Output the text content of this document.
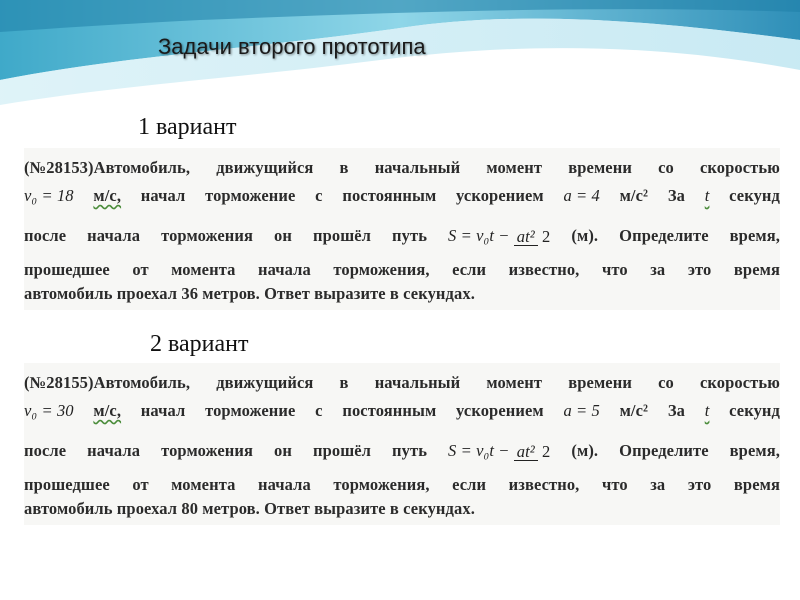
Задачи второго прототипа
1 вариант
(№28153)Автомобиль, движущийся в начальный момент времени со скоростью
v₀ = 18 м/с, начал торможение с постоянным ускорением a = 4 м/с² За t секунд
после начала торможения он прошёл путь S = v₀t − at² 2 (м). Определите время,
прошедшее от момента начала торможения, если известно, что за это время
автомобиль проехал 36 метров. Ответ выразите в секундах.
2 вариант
(№28155)Автомобиль, движущийся в начальный момент времени со скоростью
v₀ = 30 м/с, начал торможение с постоянным ускорением a = 5 м/с² За t секунд
после начала торможения он прошёл путь S = v₀t − at² 2 (м). Определите время,
прошедшее от момента начала торможения, если известно, что за это время
автомобиль проехал 80 метров. Ответ выразите в секундах.
